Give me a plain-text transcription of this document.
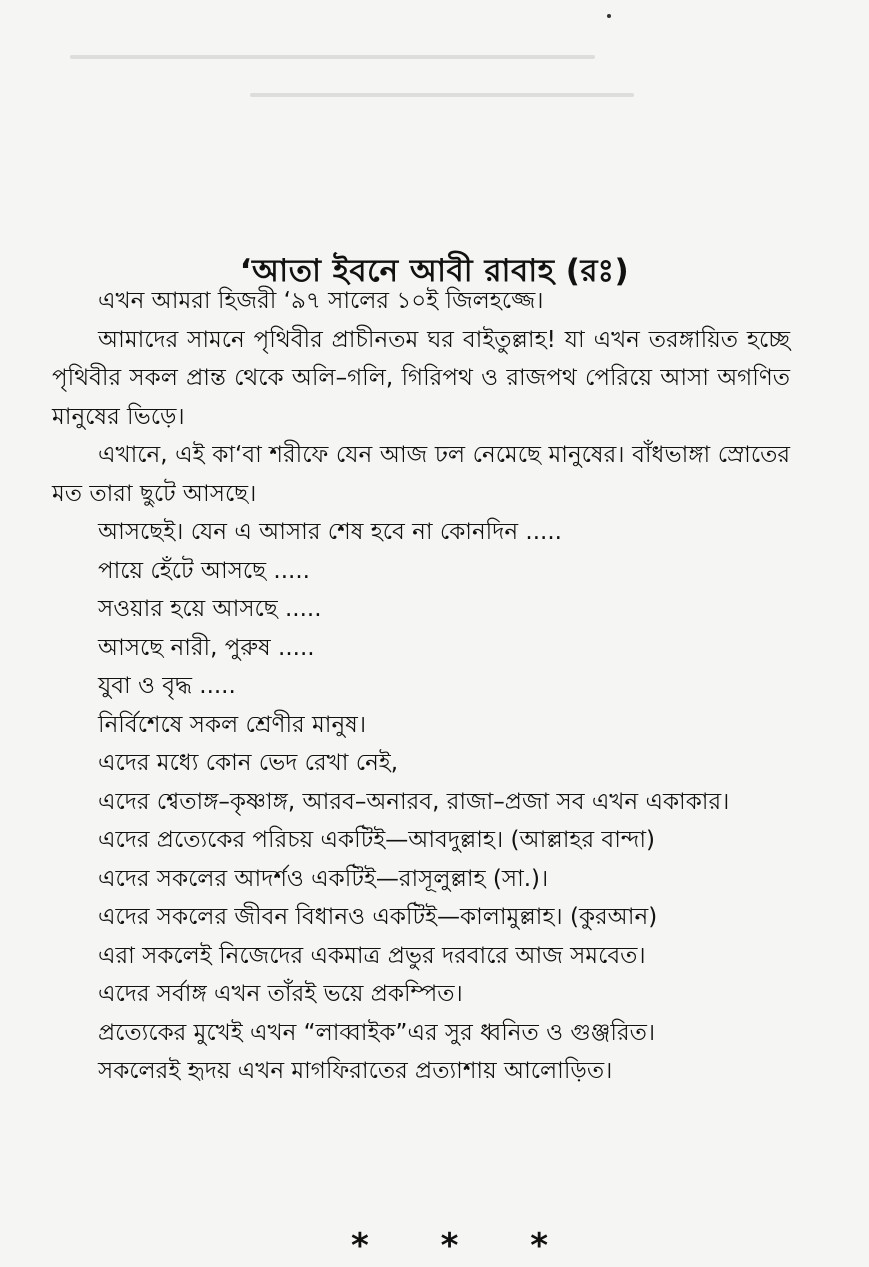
‘আতা ইবনে আবী রাবাহ (রঃ)

এখন আমরা হিজরী ‘৯৭ সালের ১০ই জিলহজ্জে।

আমাদের সামনে পৃথিবীর প্রাচীনতম ঘর বাইতুল্লাহ! যা এখন তরঙ্গায়িত হচ্ছে পৃথিবীর সকল প্রান্ত থেকে অলি–গলি, গিরিপথ ও রাজপথ পেরিয়ে আসা অগণিত মানুষের ভিড়ে।

এখানে, এই কা‘বা শরীফে যেন আজ ঢল নেমেছে মানুষের। বাঁধভাঙ্গা স্রোতের মত তারা ছুটে আসছে।

আসছেই। যেন এ আসার শেষ হবে না কোনদিন .....

পায়ে হেঁটে আসছে .....

সওয়ার হয়ে আসছে .....

আসছে নারী, পুরুষ .....

যুবা ও বৃদ্ধ .....

নির্বিশেষে সকল শ্রেণীর মানুষ।

এদের মধ্যে কোন ভেদ রেখা নেই,

এদের শ্বেতাঙ্গ–কৃষ্ণাঙ্গ, আরব–অনারব, রাজা–প্রজা সব এখন একাকার।

এদের প্রত্যেকের পরিচয় একটিই—আবদুল্লাহ। (আল্লাহর বান্দা)

এদের সকলের আদর্শও একটিই—রাসূলুল্লাহ (সা.)।

এদের সকলের জীবন বিধানও একটিই—কালামুল্লাহ। (কুরআন)

এরা সকলেই নিজেদের একমাত্র প্রভুর দরবারে আজ সমবেত।

এদের সর্বাঙ্গ এখন তাঁরই ভয়ে প্রকম্পিত।

প্রত্যেকের মুখেই এখন “লাব্বাইক”এর সুর ধ্বনিত ও গুঞ্জরিত।

সকলেরই হৃদয় এখন মাগফিরাতের প্রত্যাশায় আলোড়িত।

* * *
